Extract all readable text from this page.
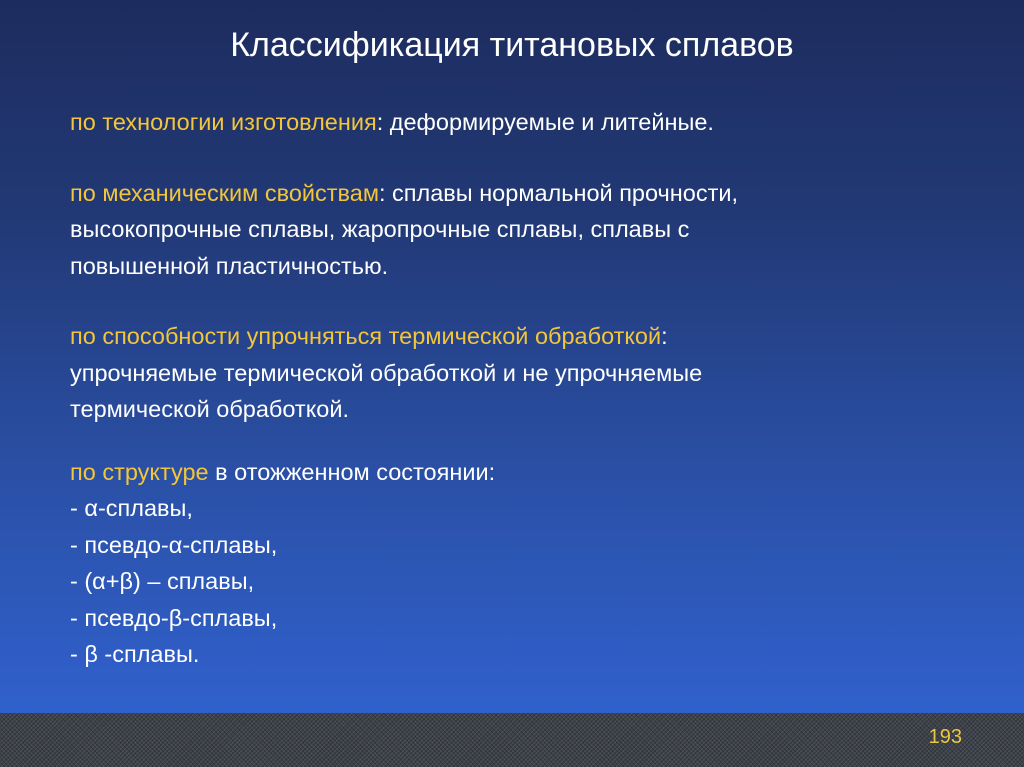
Классификация титановых сплавов
по технологии изготовления: деформируемые и литейные.
по механическим свойствам: сплавы нормальной прочности,
высокопрочные сплавы, жаропрочные сплавы, сплавы с
повышенной пластичностью.
по способности упрочняться термической обработкой:
упрочняемые термической обработкой и не упрочняемые
термической обработкой.
по структуре в отожженном состоянии:
- α-сплавы,
- псевдо-α-сплавы,
- (α+β) – сплавы,
- псевдо-β-сплавы,
- β -сплавы.
193
